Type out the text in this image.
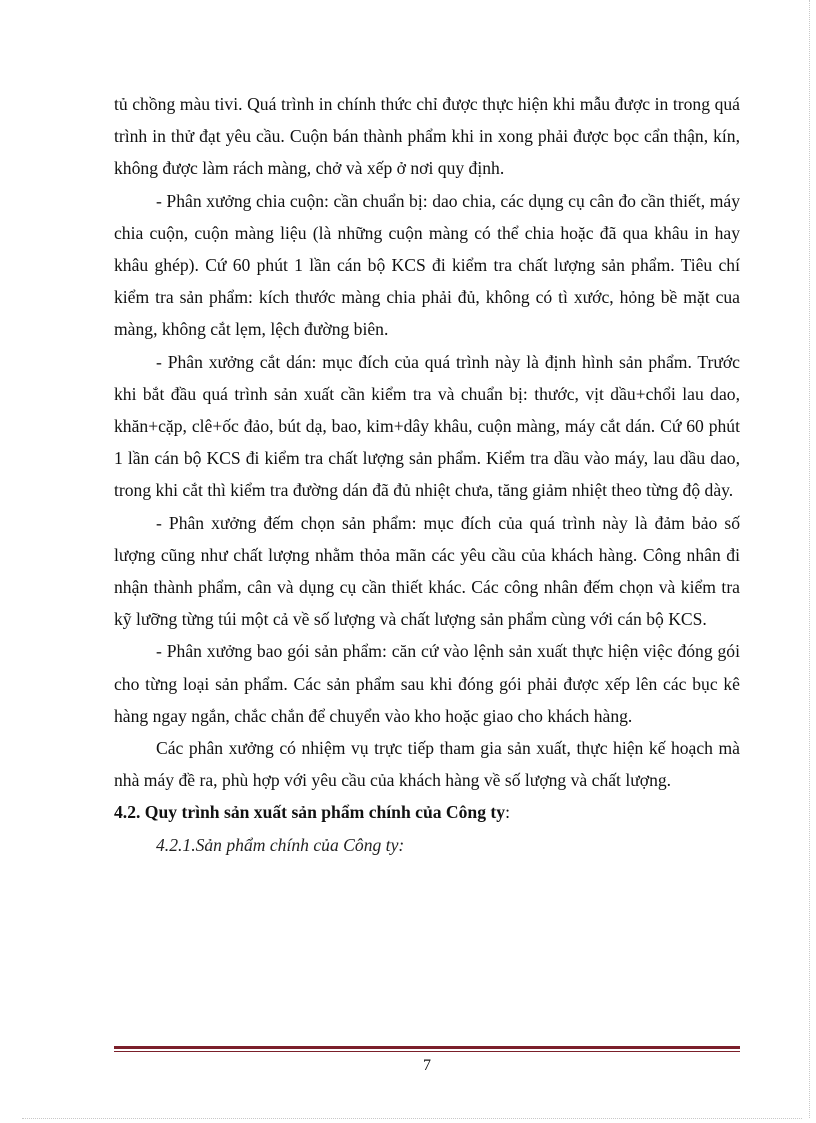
tủ chồng màu tivi. Quá trình in chính thức chỉ được thực hiện khi mẫu được in trong quá trình in thử đạt yêu cầu. Cuộn bán thành phẩm khi in xong phải được bọc cẩn thận, kín, không được làm rách màng, chở và xếp ở nơi quy định.

- Phân xưởng chia cuộn: cần chuẩn bị: dao chia, các dụng cụ cân đo cần thiết, máy chia cuộn, cuộn màng liệu (là những cuộn màng có thể chia hoặc đã qua khâu in hay khâu ghép). Cứ 60 phút 1 lần cán bộ KCS đi kiểm tra chất lượng sản phẩm. Tiêu chí kiểm tra sản phẩm: kích thước màng chia phải đủ, không có tì xước, hỏng bề mặt cua màng, không cắt lẹm, lệch đường biên.

- Phân xưởng cắt dán: mục đích của quá trình này là định hình sản phẩm. Trước khi bắt đầu quá trình sản xuất cần kiểm tra và chuẩn bị: thước, vịt dầu+chổi lau dao, khăn+cặp, clê+ốc đảo, bút dạ, bao, kim+dây khâu, cuộn màng, máy cắt dán. Cứ 60 phút 1 lần cán bộ KCS đi kiểm tra chất lượng sản phẩm. Kiểm tra dầu vào máy, lau dầu dao, trong khi cắt thì kiểm tra đường dán đã đủ nhiệt chưa, tăng giảm nhiệt theo từng độ dày.

- Phân xưởng đếm chọn sản phẩm: mục đích của quá trình này là đảm bảo số lượng cũng như chất lượng nhằm thỏa mãn các yêu cầu của khách hàng. Công nhân đi nhận thành phẩm, cân và dụng cụ cần thiết khác. Các công nhân đếm chọn và kiểm tra kỹ lưỡng từng túi một cả về số lượng và chất lượng sản phẩm cùng với cán bộ KCS.

- Phân xưởng bao gói sản phẩm: căn cứ vào lệnh sản xuất thực hiện việc đóng gói cho từng loại sản phẩm. Các sản phẩm sau khi đóng gói phải được xếp lên các bục kê hàng ngay ngắn, chắc chắn để chuyển vào kho hoặc giao cho khách hàng.

Các phân xưởng có nhiệm vụ trực tiếp tham gia sản xuất, thực hiện kế hoạch mà nhà máy đề ra, phù hợp với yêu cầu của khách hàng về số lượng và chất lượng.

4.2. Quy trình sản xuất sản phẩm chính của Công ty:

4.2.1.Sản phẩm chính của Công ty:

7
